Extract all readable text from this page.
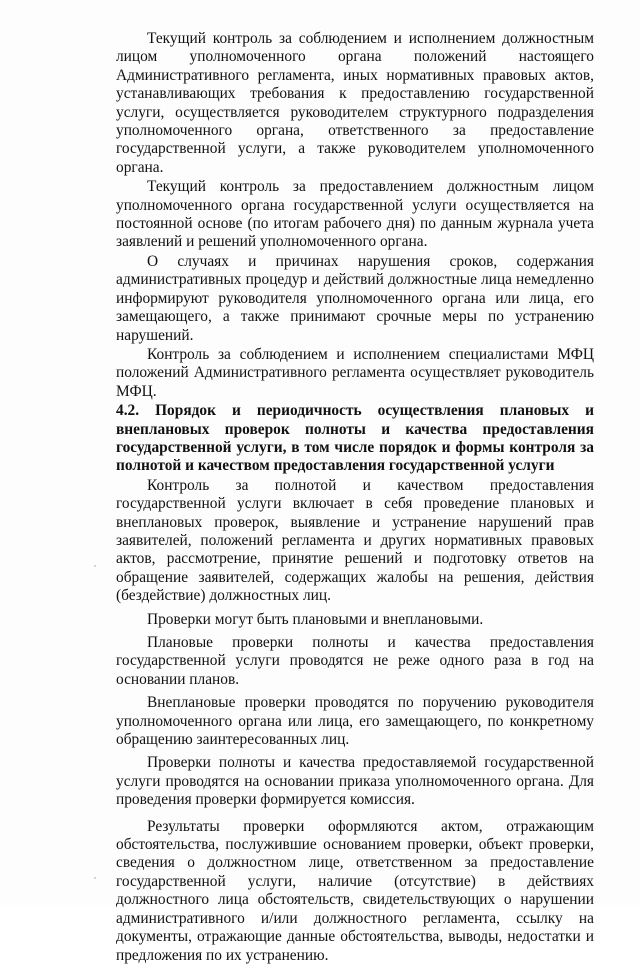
Текущий контроль за соблюдением и исполнением должностным лицом уполномоченного органа положений настоящего Административного регламента, иных нормативных правовых актов, устанавливающих требования к предоставлению государственной услуги, осуществляется руководителем структурного подразделения уполномоченного органа, ответственного за предоставление государственной услуги, а также руководителем уполномоченного органа.

Текущий контроль за предоставлением должностным лицом уполномоченного органа государственной услуги осуществляется на постоянной основе (по итогам рабочего дня) по данным журнала учета заявлений и решений уполномоченного органа.

О случаях и причинах нарушения сроков, содержания административных процедур и действий должностные лица немедленно информируют руководителя уполномоченного органа или лица, его замещающего, а также принимают срочные меры по устранению нарушений.

Контроль за соблюдением и исполнением специалистами МФЦ положений Административного регламента осуществляет руководитель МФЦ.

4.2. Порядок и периодичность осуществления плановых и внеплановых проверок полноты и качества предоставления государственной услуги, в том числе порядок и формы контроля за полнотой и качеством предоставления государственной услуги

Контроль за полнотой и качеством предоставления государственной услуги включает в себя проведение плановых и внеплановых проверок, выявление и устранение нарушений прав заявителей, положений регламента и других нормативных правовых актов, рассмотрение, принятие решений и подготовку ответов на обращение заявителей, содержащих жалобы на решения, действия (бездействие) должностных лиц.

Проверки могут быть плановыми и внеплановыми.

Плановые проверки полноты и качества предоставления государственной услуги проводятся не реже одного раза в год на основании планов.

Внеплановые проверки проводятся по поручению руководителя уполномоченного органа или лица, его замещающего, по конкретному обращению заинтересованных лиц.

Проверки полноты и качества предоставляемой государственной услуги проводятся на основании приказа уполномоченного органа. Для проведения проверки формируется комиссия.

Результаты проверки оформляются актом, отражающим обстоятельства, послужившие основанием проверки, объект проверки, сведения о должностном лице, ответственном за предоставление государственной услуги, наличие (отсутствие) в действиях должностного лица обстоятельств, свидетельствующих о нарушении административного и/или должностного регламента, ссылку на документы, отражающие данные обстоятельства, выводы, недостатки и предложения по их устранению.
